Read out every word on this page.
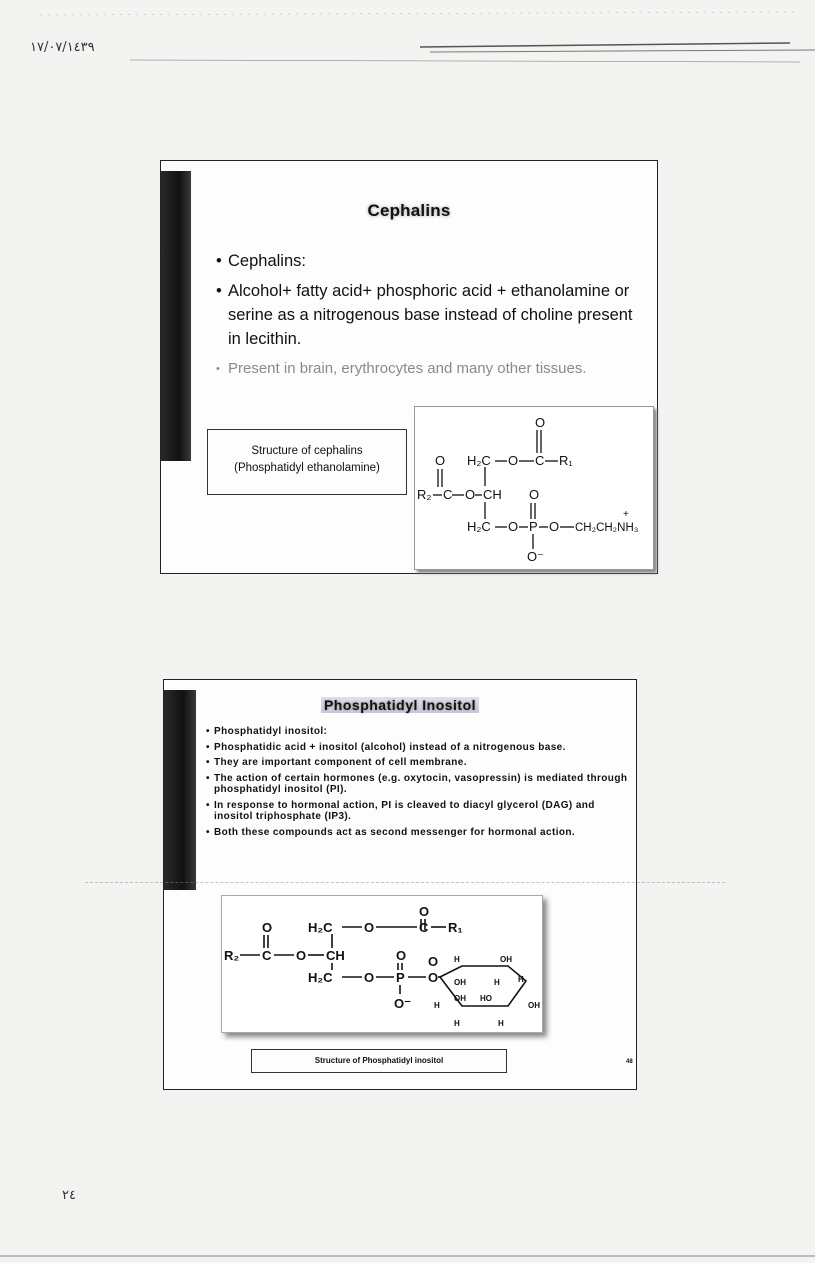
١٧/٠٧/١٤٣٩
Cephalins
• Cephalins:
• Alcohol+ fatty acid+ phosphoric acid + ethanolamine or serine as a nitrogenous base instead of choline present in lecithin.
• Present in brain, erythrocytes and many other tissues.
Structure of cephalins
(Phosphatidyl ethanolamine)
O
O H₂C O C R₁
R₂ C O CH O
H₂C O P O CH₂CH₂NH₃
+
O⁻
Phosphatidyl Inositol
• Phosphatidyl inositol:
• Phosphatidic acid + inositol (alcohol) instead of a nitrogenous base.
• They are important component of cell membrane.
• The action of certain hormones (e.g. oxytocin, vasopressin) is mediated through phosphatidyl inositol (PI).
• In response to hormonal action, PI is cleaved to diacyl glycerol (DAG) and inositol triphosphate (IP3).
• Both these compounds act as second messenger for hormonal action.
O
O	H₂C O	C R₁
R₂ C O CH	O
H₂C O P O
O⁻
O H	OH
OH	H H
OH HO
H	OH
H	H
Structure of Phosphatidyl inositol	48
٢٤
